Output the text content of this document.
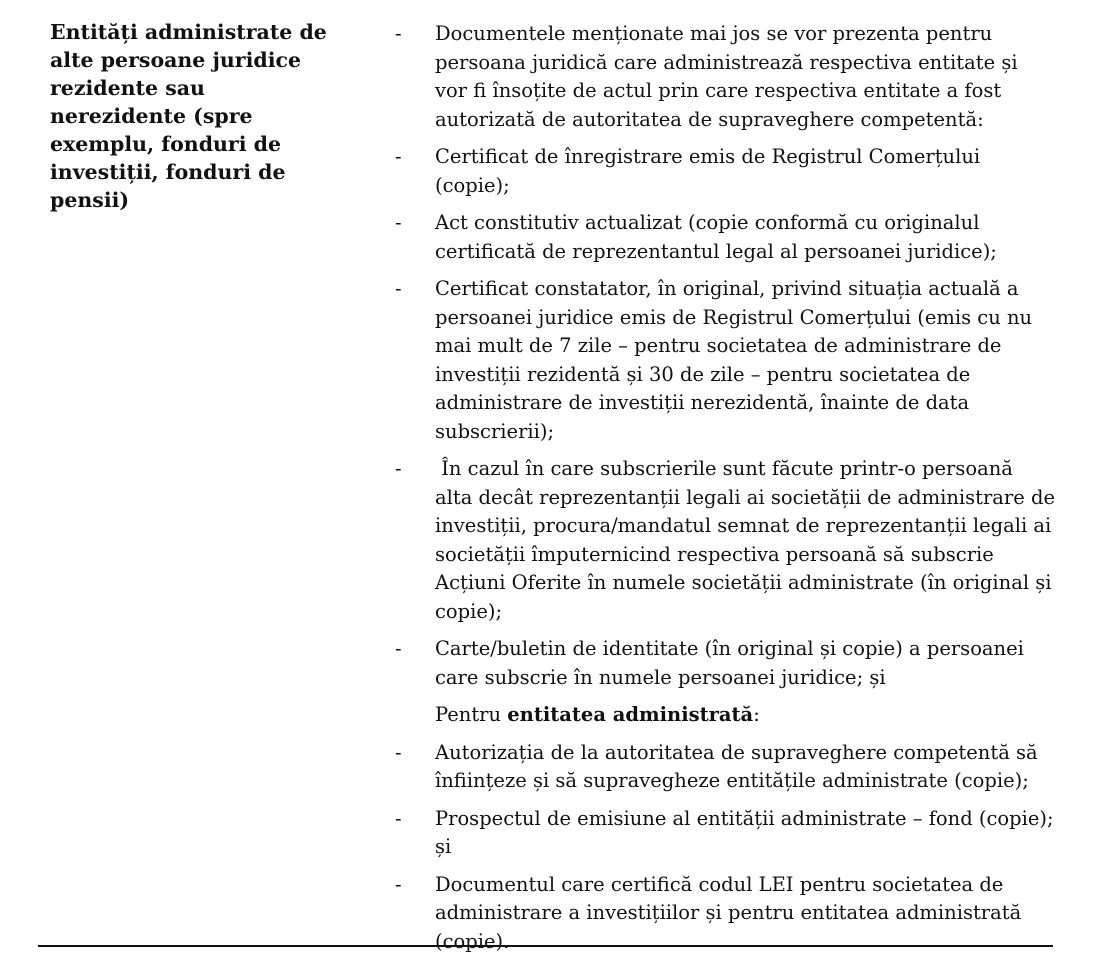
Entități administrate de alte persoane juridice rezidente sau nerezidente (spre exemplu, fonduri de investiții, fonduri de pensii)
- Documentele menționate mai jos se vor prezenta pentru persoana juridică care administrează respectiva entitate și vor fi însoțite de actul prin care respectiva entitate a fost autorizată de autoritatea de supraveghere competentă:
- Certificat de înregistrare emis de Registrul Comerțului (copie);
- Act constitutiv actualizat (copie conformă cu originalul certificată de reprezentantul legal al persoanei juridice);
- Certificat constatator, în original, privind situația actuală a persoanei juridice emis de Registrul Comerțului (emis cu nu mai mult de 7 zile – pentru societatea de administrare de investiții rezidentă și 30 de zile – pentru societatea de administrare de investiții nerezidentă, înainte de data subscrierii);
- În cazul în care subscrierile sunt făcute printr-o persoană alta decât reprezentanții legali ai societății de administrare de investiții, procura/mandatul semnat de reprezentanții legali ai societății împuternicind respectiva persoană să subscrie Acțiuni Oferite în numele societății administrate (în original și copie);
- Carte/buletin de identitate (în original și copie) a persoanei care subscrie în numele persoanei juridice; și
Pentru entitatea administrată:
- Autorizația de la autoritatea de supraveghere competentă să înființeze și să supravegheze entitățile administrate (copie);
- Prospectul de emisiune al entității administrate – fond (copie); și
- Documentul care certifică codul LEI pentru societatea de administrare a investițiilor și pentru entitatea administrată (copie).
